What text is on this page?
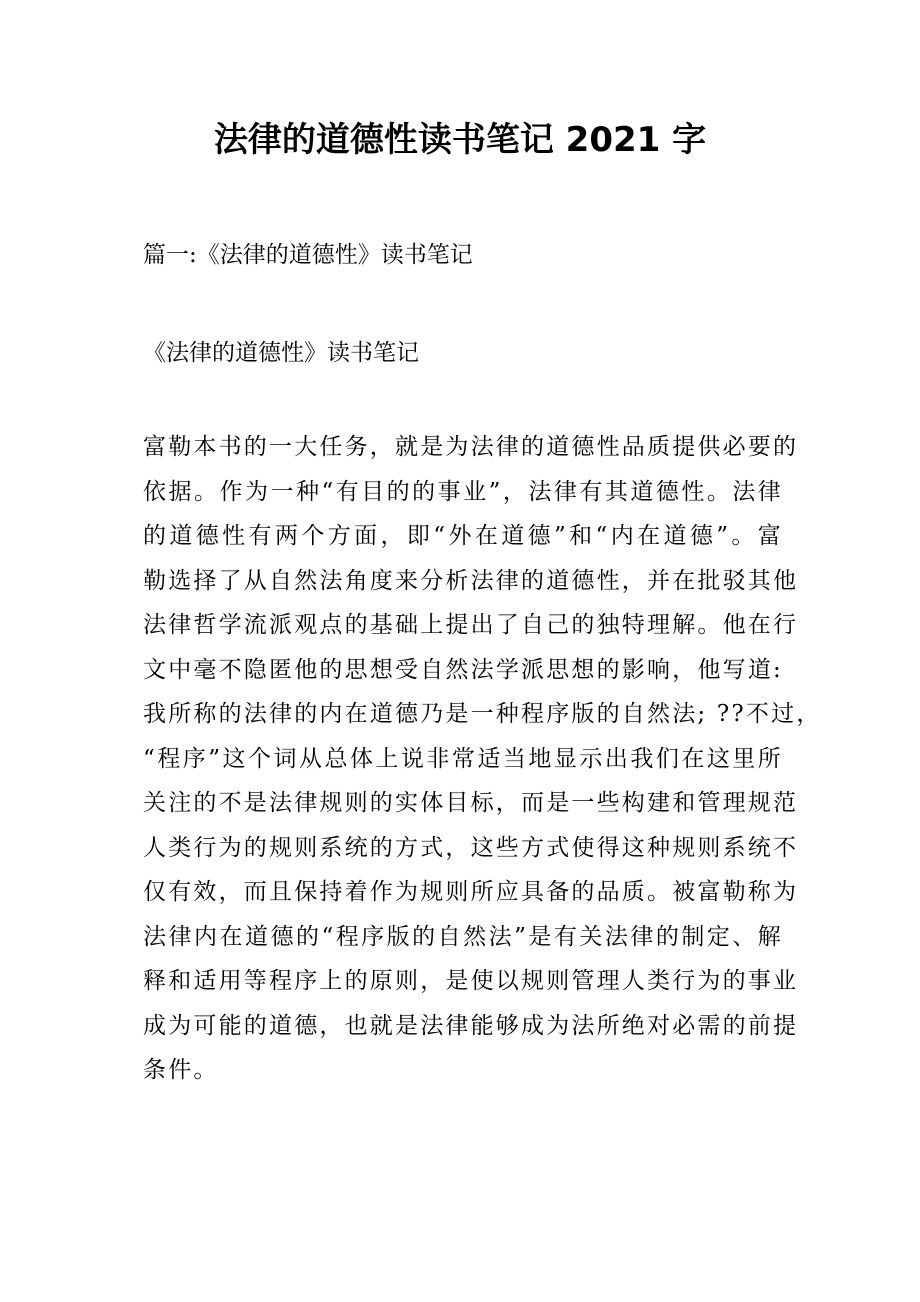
法律的道德性读书笔记 2021 字

篇一:《法律的道德性》读书笔记

《法律的道德性》读书笔记

富勒本书的一大任务，就是为法律的道德性品质提供必要的
依据。作为一种“有目的的事业”，法律有其道德性。法律
的道德性有两个方面，即“外在道德”和“内在道德”。富
勒选择了从自然法角度来分析法律的道德性，并在批驳其他
法律哲学流派观点的基础上提出了自己的独特理解。他在行
文中毫不隐匿他的思想受自然法学派思想的影响，他写道:
我所称的法律的内在道德乃是一种程序版的自然法; ??不过，
“程序”这个词从总体上说非常适当地显示出我们在这里所
关注的不是法律规则的实体目标，而是一些构建和管理规范
人类行为的规则系统的方式，这些方式使得这种规则系统不
仅有效，而且保持着作为规则所应具备的品质。被富勒称为
法律内在道德的“程序版的自然法”是有关法律的制定、解
释和适用等程序上的原则，是使以规则管理人类行为的事业
成为可能的道德，也就是法律能够成为法所绝对必需的前提
条件。
